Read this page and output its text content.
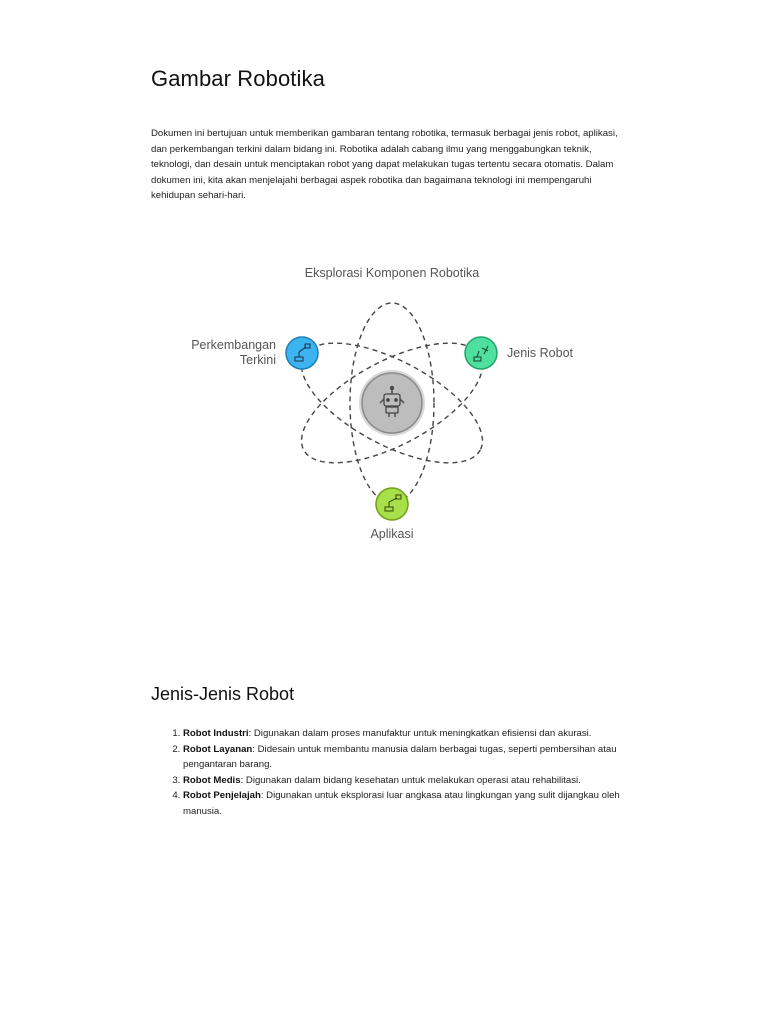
Gambar Robotika

Dokumen ini bertujuan untuk memberikan gambaran tentang robotika, termasuk berbagai jenis robot, aplikasi, dan perkembangan terkini dalam bidang ini. Robotika adalah cabang ilmu yang menggabungkan teknik, teknologi, dan desain untuk menciptakan robot yang dapat melakukan tugas tertentu secara otomatis. Dalam dokumen ini, kita akan menjelajahi berbagai aspek robotika dan bagaimana teknologi ini mempengaruhi kehidupan sehari-hari.

Eksplorasi Komponen Robotika
Perkembangan
Terkini	Jenis Robot
Aplikasi
Jenis-Jenis Robot
1. Robot Industri: Digunakan dalam proses manufaktur untuk meningkatkan efisiensi dan akurasi.
2. Robot Layanan: Didesain untuk membantu manusia dalam berbagai tugas, seperti pembersihan atau pengantaran barang.
3. Robot Medis: Digunakan dalam bidang kesehatan untuk melakukan operasi atau rehabilitasi.
4. Robot Penjelajah: Digunakan untuk eksplorasi luar angkasa atau lingkungan yang sulit dijangkau oleh manusia.
